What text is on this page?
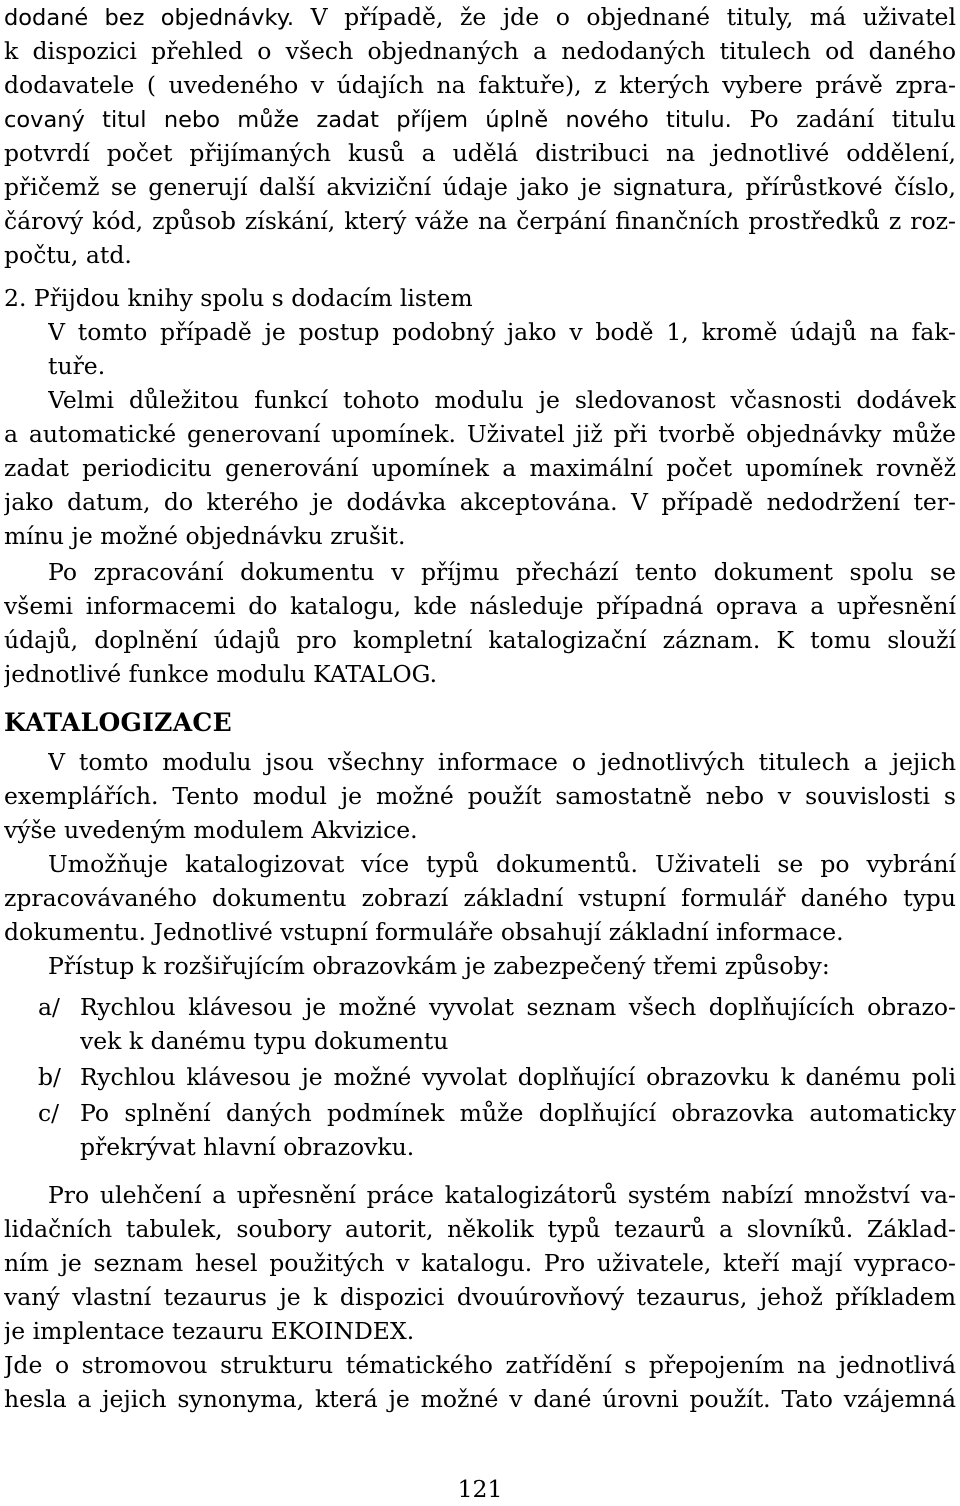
dodané bez objednávky. V případě, že jde o objednané tituly, má uživatel
k dispozici přehled o všech objednaných a nedodaných titulech od daného
dodavatele ( uvedeného v údajích na faktuře), z kterých vybere právě zpra-
covaný titul nebo může zadat příjem úplně nového titulu. Po zadání titulu
potvrdí počet přijímaných kusů a udělá distribuci na jednotlivé oddělení,
přičemž se generují další akviziční údaje jako je signatura, přírůstkové číslo,
čárový kód, způsob získání, který váže na čerpání finančních prostředků z roz-
počtu, atd.
2. Přijdou knihy spolu s dodacím listem
V tomto případě je postup podobný jako v bodě 1, kromě údajů na fak-
tuře.
Velmi důležitou funkcí tohoto modulu je sledovanost včasnosti dodávek
a automatické generovaní upomínek. Uživatel již při tvorbě objednávky může
zadat periodicitu generování upomínek a maximální počet upomínek rovněž
jako datum, do kterého je dodávka akceptována. V případě nedodržení ter-
mínu je možné objednávku zrušit.
Po zpracování dokumentu v příjmu přechází tento dokument spolu se
všemi informacemi do katalogu, kde následuje případná oprava a upřesnění
údajů, doplnění údajů pro kompletní katalogizační záznam. K tomu slouží
jednotlivé funkce modulu KATALOG.
KATALOGIZACE
V tomto modulu jsou všechny informace o jednotlivých titulech a jejich
exemplářích. Tento modul je možné použít samostatně nebo v souvislosti s
výše uvedeným modulem Akvizice.
Umožňuje katalogizovat více typů dokumentů. Uživateli se po vybrání
zpracovávaného dokumentu zobrazí základní vstupní formulář daného typu
dokumentu. Jednotlivé vstupní formuláře obsahují základní informace.
Přístup k rozšiřujícím obrazovkám je zabezpečený třemi způsoby:
a/ Rychlou klávesou je možné vyvolat seznam všech doplňujících obrazo-
vek k danému typu dokumentu
b/ Rychlou klávesou je možné vyvolat doplňující obrazovku k danému poli
c/ Po splnění daných podmínek může doplňující obrazovka automaticky
překrývat hlavní obrazovku.
Pro ulehčení a upřesnění práce katalogizátorů systém nabízí množství va-
lidačních tabulek, soubory autorit, několik typů tezaurů a slovníků. Základ-
ním je seznam hesel použitých v katalogu. Pro uživatele, kteří mají vypraco-
vaný vlastní tezaurus je k dispozici dvouúrovňový tezaurus, jehož příkladem
je implentace tezauru EKOINDEX.
Jde o stromovou strukturu tématického zatřídění s přepojením na jednotlivá
hesla a jejich synonyma, která je možné v dané úrovni použít. Tato vzájemná
121
